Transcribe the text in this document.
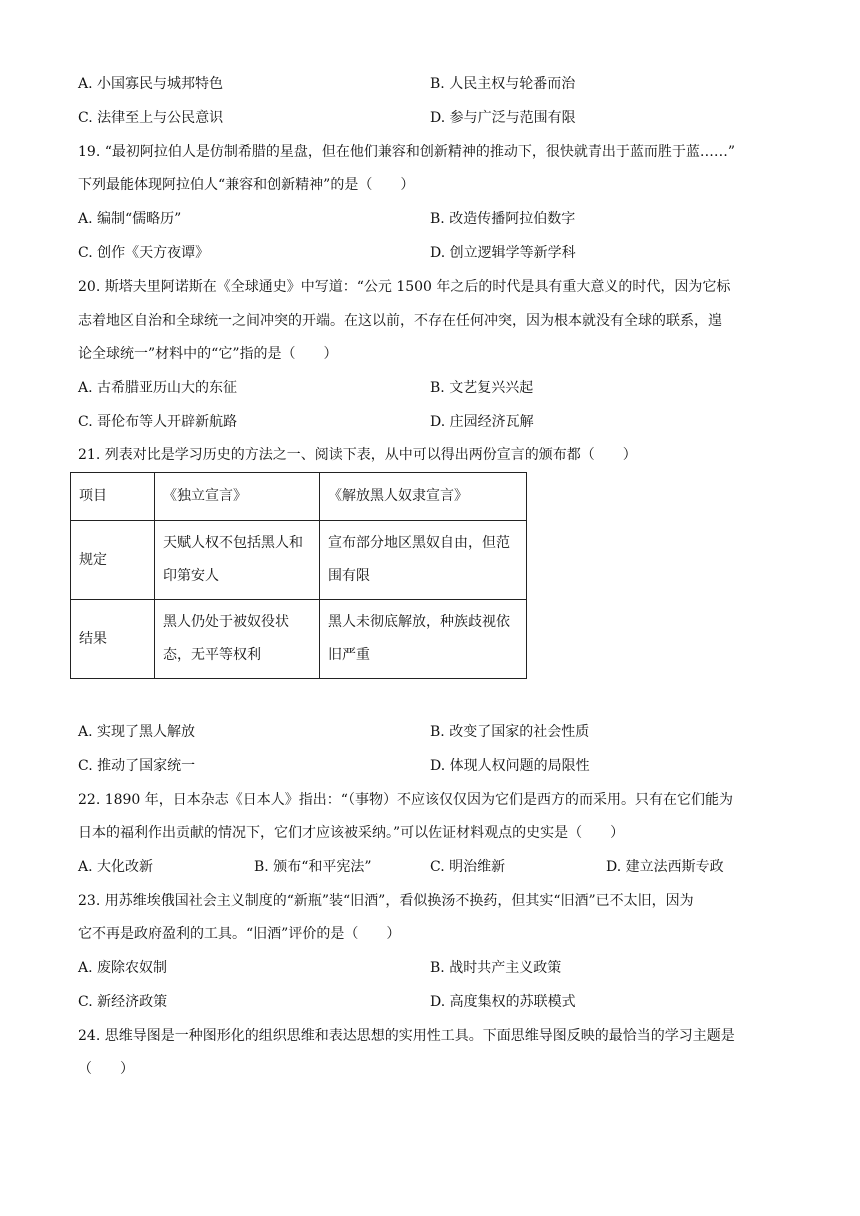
A. 小国寡民与城邦特色	B. 人民主权与轮番而治
C. 法律至上与公民意识	D. 参与广泛与范围有限
19. “最初阿拉伯人是仿制希腊的星盘，但在他们兼容和创新精神的推动下，很快就青出于蓝而胜于蓝……”
下列最能体现阿拉伯人“兼容和创新精神”的是（　　）
A. 编制“儒略历”	B. 改造传播阿拉伯数字
C. 创作《天方夜谭》	D. 创立逻辑学等新学科
20. 斯塔夫里阿诺斯在《全球通史》中写道：“公元 1500 年之后的时代是具有重大意义的时代，因为它标
志着地区自治和全球统一之间冲突的开端。在这以前，不存在任何冲突，因为根本就没有全球的联系，遑
论全球统一”材料中的“它”指的是（　　）
A. 古希腊亚历山大的东征	B. 文艺复兴兴起
C. 哥伦布等人开辟新航路	D. 庄园经济瓦解
21. 列表对比是学习历史的方法之一、阅读下表，从中可以得出两份宣言的颁布都（　　）
项目	《独立宣言》	《解放黑人奴隶宣言》
规定	天赋人权不包括黑人和印第安人	宣布部分地区黑奴自由，但范围有限
结果	黑人仍处于被奴役状态，无平等权利	黑人未彻底解放，种族歧视依旧严重
A. 实现了黑人解放	B. 改变了国家的社会性质
C. 推动了国家统一	D. 体现人权问题的局限性
22. 1890 年，日本杂志《日本人》指出：“（事物）不应该仅仅因为它们是西方的而采用。只有在它们能为
日本的福利作出贡献的情况下，它们才应该被采纳。”可以佐证材料观点的史实是（　　）
A. 大化改新	B. 颁布“和平宪法”	C. 明治维新	D. 建立法西斯专政
23. 用苏维埃俄国社会主义制度的“新瓶”装“旧酒”，看似换汤不换药，但其实“旧酒”已不太旧，因为
它不再是政府盈利的工具。“旧酒”评价的是（　　）
A. 废除农奴制	B. 战时共产主义政策
C. 新经济政策	D. 高度集权的苏联模式
24. 思维导图是一种图形化的组织思维和表达思想的实用性工具。下面思维导图反映的最恰当的学习主题是
（　　）
